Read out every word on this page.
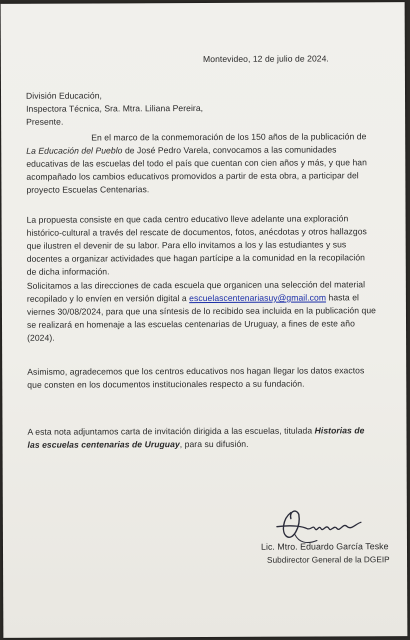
Montevideo, 12 de julio de 2024.
División Educación,
Inspectora Técnica, Sra. Mtra. Liliana Pereira,
Presente.
En el marco de la conmemoración de los 150 años de la publicación de
La Educación del Pueblo de José Pedro Varela, convocamos a las comunidades
educativas de las escuelas del todo el país que cuentan con cien años y más, y que han
acompañado los cambios educativos promovidos a partir de esta obra, a participar del
proyecto Escuelas Centenarias.
La propuesta consiste en que cada centro educativo lleve adelante una exploración
histórico-cultural a través del rescate de documentos, fotos, anécdotas y otros hallazgos
que ilustren el devenir de su labor. Para ello invitamos a los y las estudiantes y sus
docentes a organizar actividades que hagan partícipe a la comunidad en la recopilación
de dicha información.
Solicitamos a las direcciones de cada escuela que organicen una selección del material
recopilado y lo envíen en versión digital a escuelascentenariasuy@gmail.com hasta el
viernes 30/08/2024, para que una síntesis de lo recibido sea incluida en la publicación que
se realizará en homenaje a las escuelas centenarias de Uruguay, a fines de este año
(2024).
Asimismo, agradecemos que los centros educativos nos hagan llegar los datos exactos
que consten en los documentos institucionales respecto a su fundación.
A esta nota adjuntamos carta de invitación dirigida a las escuelas, titulada Historias de
las escuelas centenarias de Uruguay, para su difusión.
Lic. Mtro. Eduardo García Teske
Subdirector General de la DGEIP
